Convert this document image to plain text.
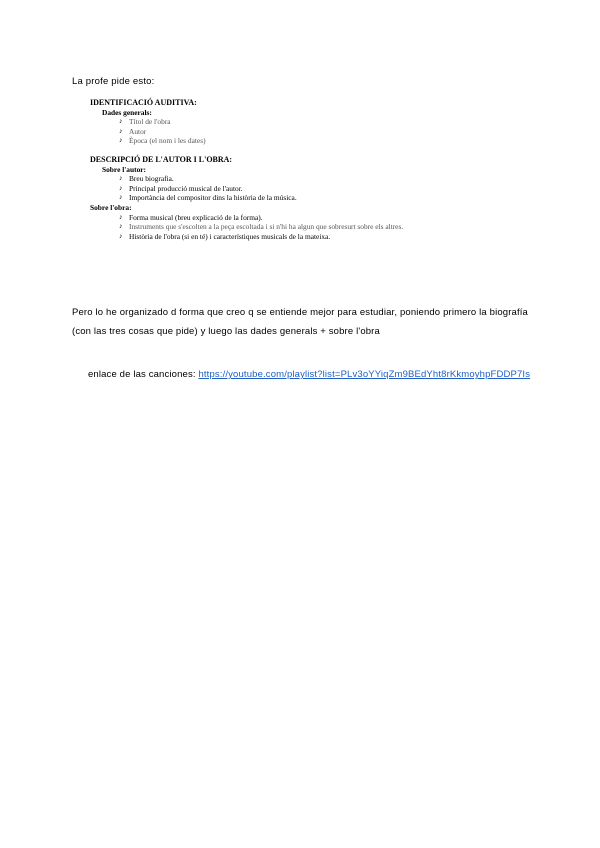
La profe pide esto:

IDENTIFICACIÓ AUDITIVA:

Dades generals:

♪ Títol de l'obra
♪ Autor
♪ Època (el nom i les dates)

DESCRIPCIÓ DE L'AUTOR I L'OBRA:

Sobre l'autor:

♪ Breu biografia.
♪ Principal producció musical de l'autor.
♪ Importància del compositor dins la història de la música.

Sobre l'obra:

♪ Forma musical (breu explicació de la forma).
♪ Instruments que s'escolten a la peça escoltada i si n'hi ha algun que sobresurt sobre els altres.
♪ Història de l'obra (si en té) i característiques musicals de la mateixa.

Pero lo he organizado d forma que creo q se entiende mejor para estudiar, poniendo primero la biografía (con las tres cosas que pide) y luego las dades generals + sobre l'obra

enlace de las canciones: https://youtube.com/playlist?list=PLv3oYYiqZm9BEdYht8rKkmoyhpFDDP7Is
